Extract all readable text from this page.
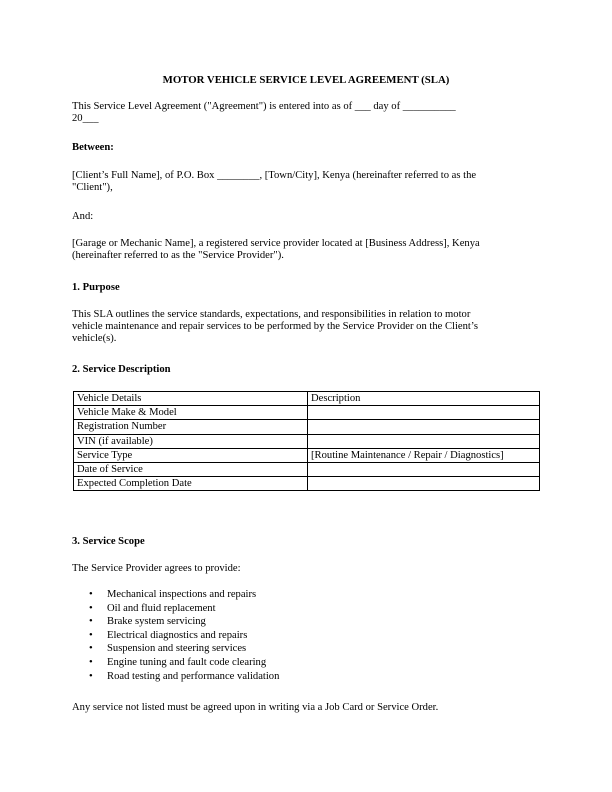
MOTOR VEHICLE SERVICE LEVEL AGREEMENT (SLA)
This Service Level Agreement ("Agreement") is entered into as of ___ day of __________
20___
Between:
[Client’s Full Name], of P.O. Box ________, [Town/City], Kenya (hereinafter referred to as the
"Client"),
And:
[Garage or Mechanic Name], a registered service provider located at [Business Address], Kenya
(hereinafter referred to as the "Service Provider").
1. Purpose
This SLA outlines the service standards, expectations, and responsibilities in relation to motor
vehicle maintenance and repair services to be performed by the Service Provider on the Client’s
vehicle(s).
2. Service Description
Vehicle Details	Description
Vehicle Make & Model	
Registration Number	
VIN (if available)	
Service Type	[Routine Maintenance / Repair / Diagnostics]
Date of Service	
Expected Completion Date	
3. Service Scope
The Service Provider agrees to provide:
• Mechanical inspections and repairs
• Oil and fluid replacement
• Brake system servicing
• Electrical diagnostics and repairs
• Suspension and steering services
• Engine tuning and fault code clearing
• Road testing and performance validation
Any service not listed must be agreed upon in writing via a Job Card or Service Order.
